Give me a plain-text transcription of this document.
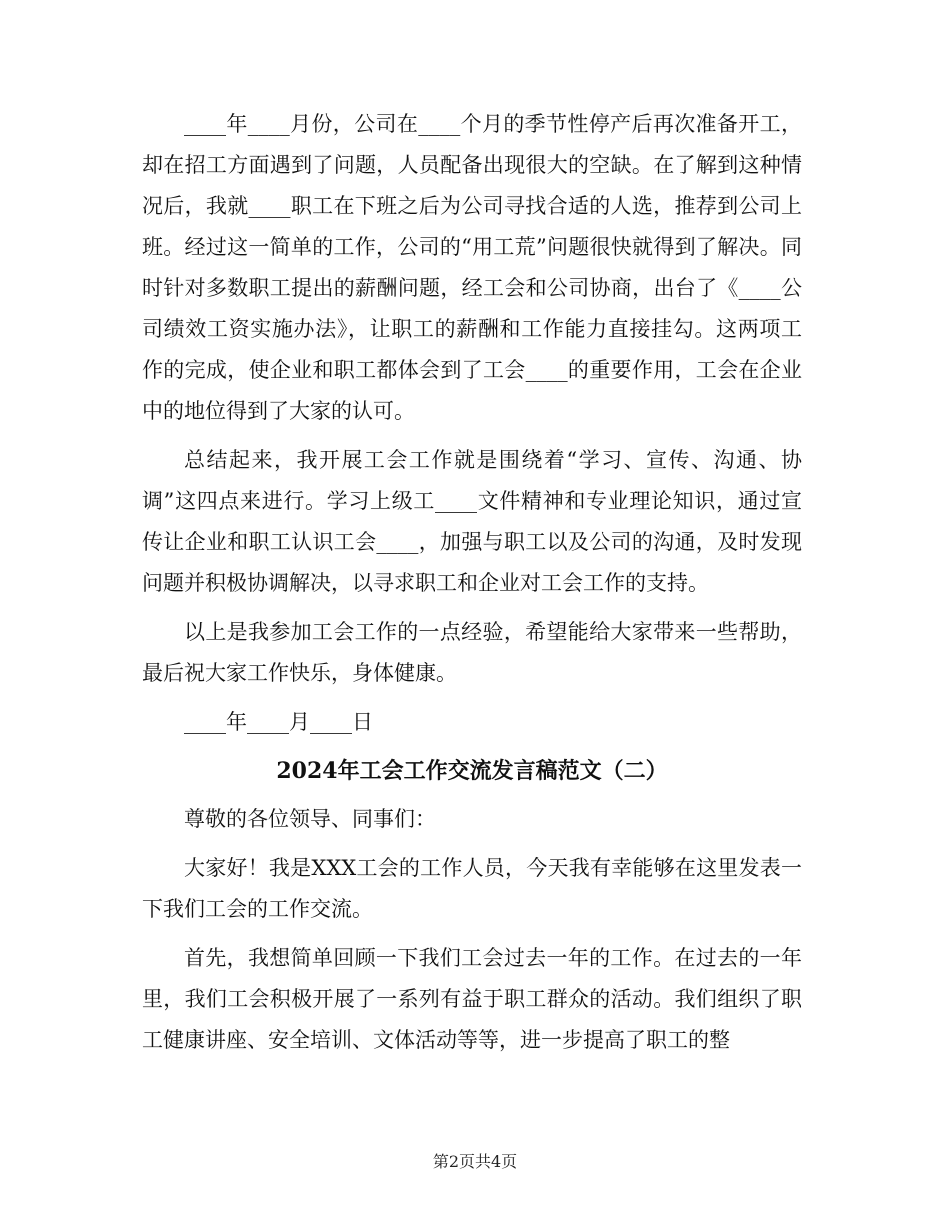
____年____月份，公司在____个月的季节性停产后再次准备开工，却在招工方面遇到了问题，人员配备出现很大的空缺。在了解到这种情况后，我就____职工在下班之后为公司寻找合适的人选，推荐到公司上班。经过这一简单的工作，公司的“用工荒”问题很快就得到了解决。同时针对多数职工提出的薪酬问题，经工会和公司协商，出台了《____公司绩效工资实施办法》，让职工的薪酬和工作能力直接挂勾。这两项工作的完成，使企业和职工都体会到了工会____的重要作用，工会在企业中的地位得到了大家的认可。

总结起来，我开展工会工作就是围绕着“学习、宣传、沟通、协调”这四点来进行。学习上级工____文件精神和专业理论知识，通过宣传让企业和职工认识工会____，加强与职工以及公司的沟通，及时发现问题并积极协调解决，以寻求职工和企业对工会工作的支持。

以上是我参加工会工作的一点经验，希望能给大家带来一些帮助，最后祝大家工作快乐，身体健康。

____年____月____日

2024年工会工作交流发言稿范文（二）

尊敬的各位领导、同事们：

大家好！我是XXX工会的工作人员，今天我有幸能够在这里发表一下我们工会的工作交流。

首先，我想简单回顾一下我们工会过去一年的工作。在过去的一年里，我们工会积极开展了一系列有益于职工群众的活动。我们组织了职工健康讲座、安全培训、文体活动等等，进一步提高了职工的整

第2页共4页
